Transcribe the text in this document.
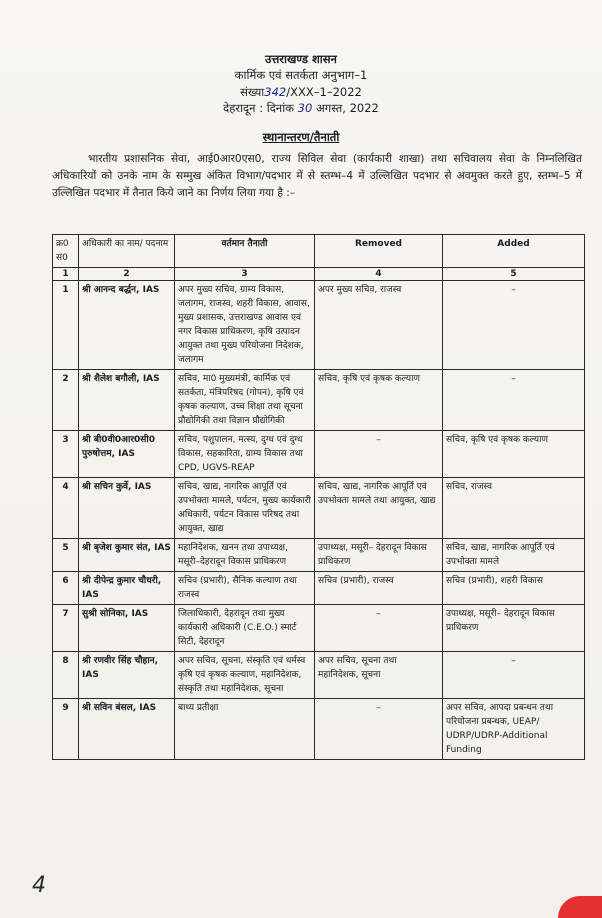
उत्तराखण्ड शासन
कार्मिक एवं सतर्कता अनुभाग–1
संख्या342/XXX–1–2022
देहरादून : दिनांक 30 अगस्त, 2022
स्थानान्तरण/तैनाती
भारतीय प्रशासनिक सेवा, आई0आर0एस0, राज्य सिविल सेवा (कार्यकारी शाखा) तथा सचिवालय सेवा के निम्नलिखित अधिकारियों को उनके नाम के सम्मुख अंकित विभाग/पदभार में से स्तम्भ–4 में उल्लिखित पदभार से अवमुक्त करते हुए, स्तम्भ–5 में उल्लिखित पदभार में तैनात किये जाने का निर्णय लिया गया है :–
क्र0 सं0	अधिकारी का नाम/ पदनाम	वर्तमान तैनाती	Removed	Added
1	2	3	4	5
1	श्री आनन्द बर्द्धन, IAS	अपर मुख्य सचिव, ग्राम्य विकास, जलागम, राजस्व, शहरी विकास, आवास, मुख्य प्रशासक, उत्तराखण्ड आवास एवं नगर विकास प्राधिकरण, कृषि उत्पादन आयुक्त तथा मुख्य परियोजना निदेशक, जलागम	अपर मुख्य सचिव, राजस्व	–
2	श्री शैलेश बगौली, IAS	सचिव, मा0 मुख्यमंत्री, कार्मिक एवं सतर्कता, मंत्रिपरिषद (गोपन), कृषि एवं कृषक कल्याण, उच्च शिक्षा तथा सूचना प्रौद्योगिकी तथा विज्ञान प्रौद्योगिकी	सचिव, कृषि एवं कृषक कल्याण	–
3	श्री बी0वी0आर0सी0 पुरुषोत्तम, IAS	सचिव, पशुपालन, मत्स्य, दुग्ध एवं दुग्ध विकास, सहकारिता, ग्राम्य विकास तथा CPD, UGVS-REAP	–	सचिव, कृषि एवं कृषक कल्याण
4	श्री सचिन कुर्वे, IAS	सचिव, खाद्य, नागरिक आपूर्ति एवं उपभोक्ता मामले, पर्यटन, मुख्य कार्यकारी अधिकारी, पर्यटन विकास परिषद तथा आयुक्त, खाद्य	सचिव, खाद्य, नागरिक आपूर्ति एवं उपभोक्ता मामले तथा आयुक्त, खाद्य	सचिव, राजस्व
5	श्री बृजेश कुमार संत, IAS	महानिदेशक, खनन तथा उपाध्यक्ष, मसूरी–देहरादून विकास प्राधिकरण	उपाध्यक्ष, मसूरी– देहरादून विकास प्राधिकरण	सचिव, खाद्य, नागरिक आपूर्ति एवं उपभोक्ता मामले
6	श्री दीपेन्द्र कुमार चौधरी, IAS	सचिव (प्रभारी), सैनिक कल्याण तथा राजस्व	सचिव (प्रभारी), राजस्व	सचिव (प्रभारी), शहरी विकास
7	सुश्री सोनिका, IAS	जिलाधिकारी, देहरादून तथा मुख्य कार्यकारी अधिकारी (C.E.O.) स्मार्ट सिटी, देहरादून	–	उपाध्यक्ष, मसूरी– देहरादून विकास प्राधिकरण
8	श्री रणवीर सिंह चौहान, IAS	अपर सचिव, सूचना, संस्कृति एवं धर्मस्व कृषि एवं कृषक कल्याण, महानिदेशक, संस्कृति तथा महानिदेशक, सूचना	अपर सचिव, सूचना तथा महानिदेशक, सूचना	–
9	श्री सविन बंसल, IAS	बाध्य प्रतीक्षा	–	अपर सचिव, आपदा प्रबन्धन तथा परियोजना प्रबन्धक, UEAP/ UDRP/UDRP-Additional Funding
4
